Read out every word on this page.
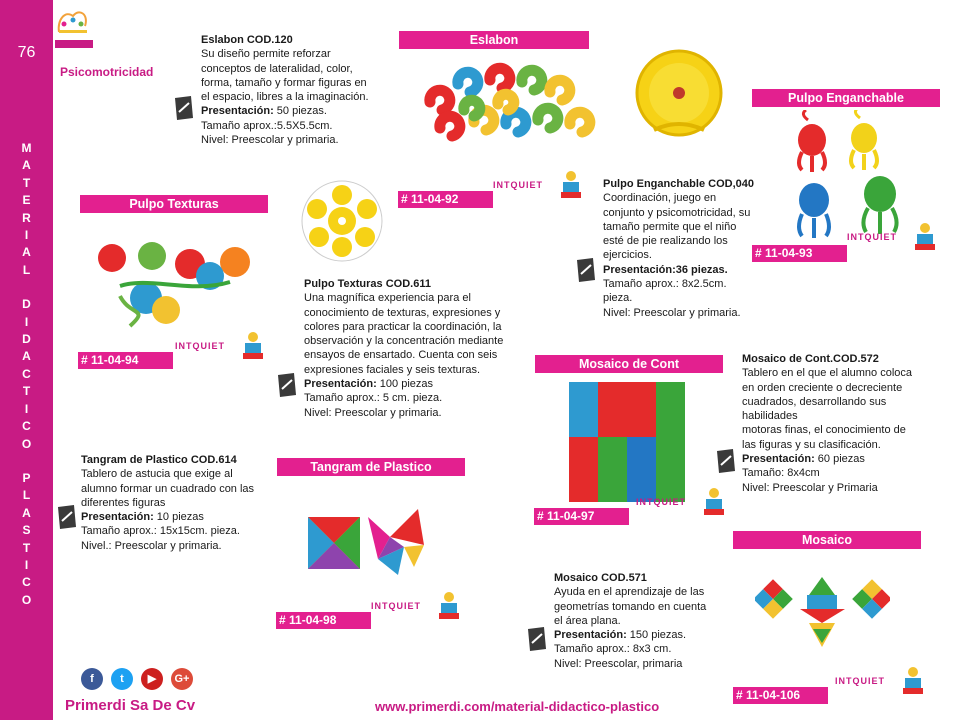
76
M
A
T
E
R
I
A
L
D
I
D
A
C
T
I
C
O
P
L
A
S
T
I
C
O
Psicomotricidad
Eslabon COD.120
Su diseño permite reforzar
conceptos de lateralidad, color,
forma, tamaño y formar figuras en
el espacio, libres a la imaginación.
Presentación: 50 piezas.
Tamaño aprox.:5.5X5.5cm.
Nivel: Preescolar y primaria.
Eslabon
# 11-04-92
Pulpo Enganchable
# 11-04-93
Pulpo Enganchable COD,040
Coordinación, juego en
conjunto y psicomotricidad, su
tamaño permite que el niño
esté de pie realizando los
ejercicios.
Presentación:36 piezas.
Tamaño aprox.: 8x2.5cm.
pieza.
Nivel: Preescolar y primaria.
Pulpo Texturas
# 11-04-94
Pulpo Texturas COD.611
Una magnífica experiencia para el
conocimiento de texturas, expresiones y
colores para practicar la coordinación, la
observación y la concentración mediante
ensayos de ensartado. Cuenta con seis
expresiones faciales y seis texturas.
Presentación: 100 piezas
Tamaño aprox.: 5 cm. pieza.
Nivel: Preescolar y primaria.
Mosaico de Cont
# 11-04-97
Mosaico de Cont.COD.572
Tablero en el que el alumno coloca
en orden creciente o decreciente
cuadrados, desarrollando sus
habilidades
motoras finas, el conocimiento de
las figuras y su clasificación.
Presentación: 60 piezas
Tamaño: 8x4cm
Nivel: Preescolar y Primaria
Tangram de Plastico COD.614
Tablero de astucia que exige al
alumno formar un cuadrado con las
diferentes figuras
Presentación: 10 piezas
Tamaño aprox.: 15x15cm. pieza.
Nivel.: Preescolar y primaria.
Tangram de Plastico
# 11-04-98
Mosaico
# 11-04-106
Mosaico COD.571
Ayuda en el aprendizaje de las
geometrías tomando en cuenta
el área plana.
Presentación: 150 piezas.
Tamaño aprox.: 8x3 cm.
Nivel: Preescolar, primaria
INTQUIET
INTQUIET
INTQUIET
INTQUIET
INTQUIET
INTQUIET
f	t	▶	G+
Primerdi Sa De Cv	www.primerdi.com/material-didactico-plastico
